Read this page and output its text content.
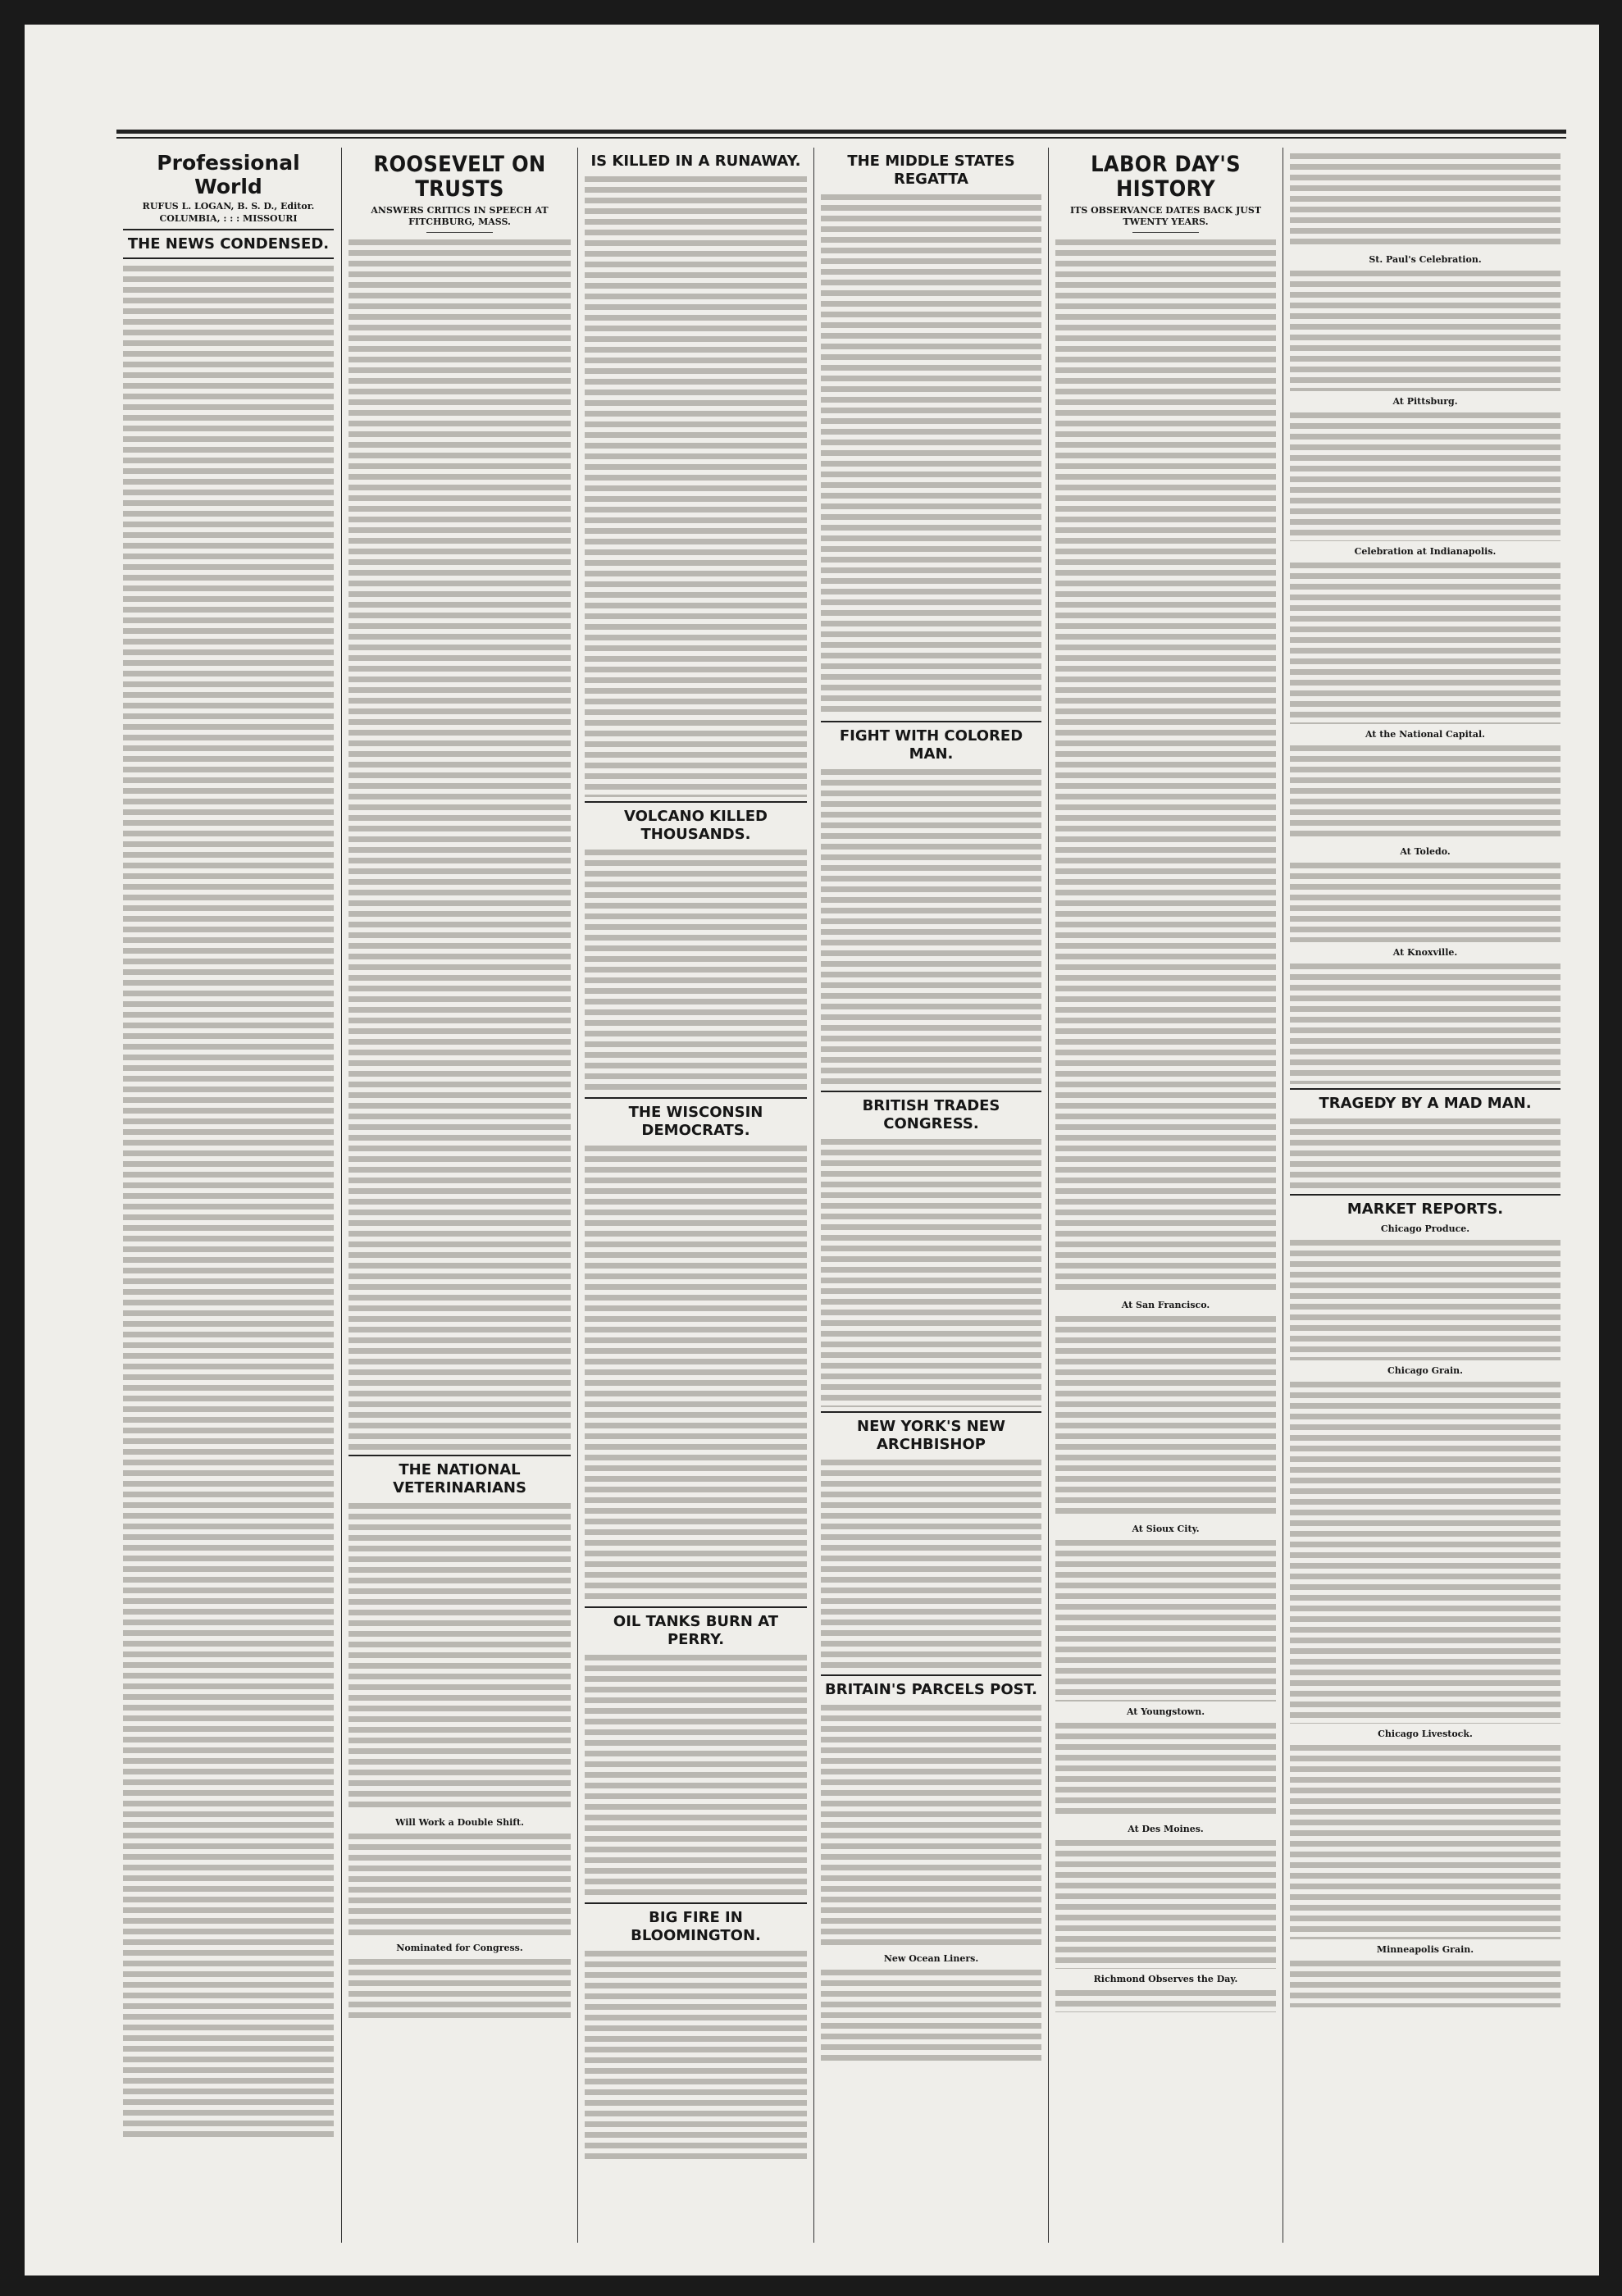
Professional World
RUFUS L. LOGAN, B. S. D., Editor.
COLUMBIA, : : : MISSOURI
THE NEWS CONDENSED.
ROOSEVELT ON TRUSTS
ANSWERS CRITICS IN SPEECH AT FITCHBURG, MASS.
THE NATIONAL VETERINARIANS
Will Work a Double Shift.
Nominated for Congress.
IS KILLED IN A RUNAWAY.
VOLCANO KILLED THOUSANDS.
THE WISCONSIN DEMOCRATS.
OIL TANKS BURN AT PERRY.
BIG FIRE IN BLOOMINGTON.
THE MIDDLE STATES REGATTA
FIGHT WITH COLORED MAN.
BRITISH TRADES CONGRESS.
NEW YORK'S NEW ARCHBISHOP
BRITAIN'S PARCELS POST.
New Ocean Liners.
LABOR DAY'S HISTORY
ITS OBSERVANCE DATES BACK JUST TWENTY YEARS.
At San Francisco.
At Sioux City.
At Youngstown.
At Des Moines.
Richmond Observes the Day.
St. Paul's Celebration.
At Pittsburg.
Celebration at Indianapolis.
At the National Capital.
At Toledo.
At Knoxville.
TRAGEDY BY A MAD MAN.
MARKET REPORTS.
Chicago Produce.
Chicago Grain.
Chicago Livestock.
Minneapolis Grain.
